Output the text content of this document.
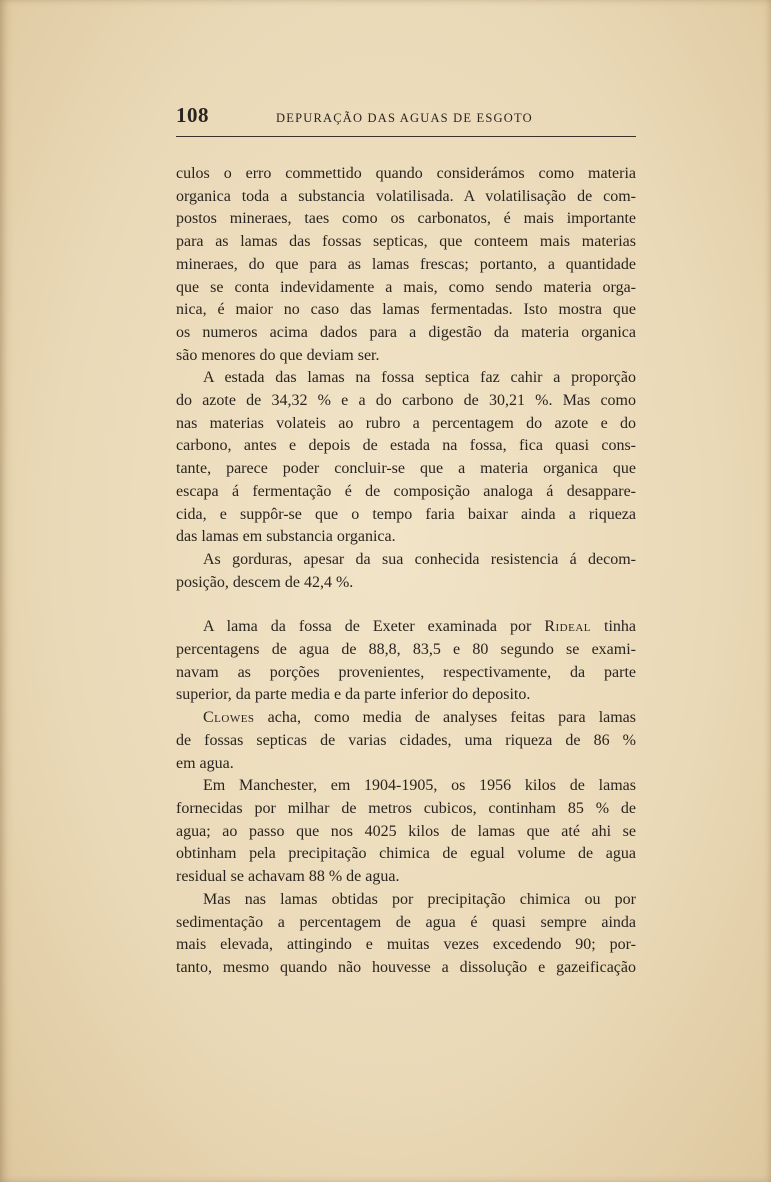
108	DEPURAÇÃO DAS AGUAS DE ESGOTO

culos o erro commettido quando considerámos como materia
organica toda a substancia volatilisada. A volatilisação de com-
postos mineraes, taes como os carbonatos, é mais importante
para as lamas das fossas septicas, que conteem mais materias
mineraes, do que para as lamas frescas; portanto, a quantidade
que se conta indevidamente a mais, como sendo materia orga-
nica, é maior no caso das lamas fermentadas. Isto mostra que
os numeros acima dados para a digestão da materia organica
são menores do que deviam ser.

A estada das lamas na fossa septica faz cahir a proporção
do azote de 34,32 % e a do carbono de 30,21 %. Mas como
nas materias volateis ao rubro a percentagem do azote e do
carbono, antes e depois de estada na fossa, fica quasi cons-
tante, parece poder concluir-se que a materia organica que
escapa á fermentação é de composição analoga á desappare-
cida, e suppôr-se que o tempo faria baixar ainda a riqueza
das lamas em substancia organica.

As gorduras, apesar da sua conhecida resistencia á decom-
posição, descem de 42,4 %.

A lama da fossa de Exeter examinada por Rideal tinha
percentagens de agua de 88,8, 83,5 e 80 segundo se exami-
navam as porções provenientes, respectivamente, da parte
superior, da parte media e da parte inferior do deposito.

Clowes acha, como media de analyses feitas para lamas
de fossas septicas de varias cidades, uma riqueza de 86 %
em agua.

Em Manchester, em 1904-1905, os 1956 kilos de lamas
fornecidas por milhar de metros cubicos, continham 85 % de
agua; ao passo que nos 4025 kilos de lamas que até ahi se
obtinham pela precipitação chimica de egual volume de agua
residual se achavam 88 % de agua.

Mas nas lamas obtidas por precipitação chimica ou por
sedimentação a percentagem de agua é quasi sempre ainda
mais elevada, attingindo e muitas vezes excedendo 90; por-
tanto, mesmo quando não houvesse a dissolução e gazeificação
